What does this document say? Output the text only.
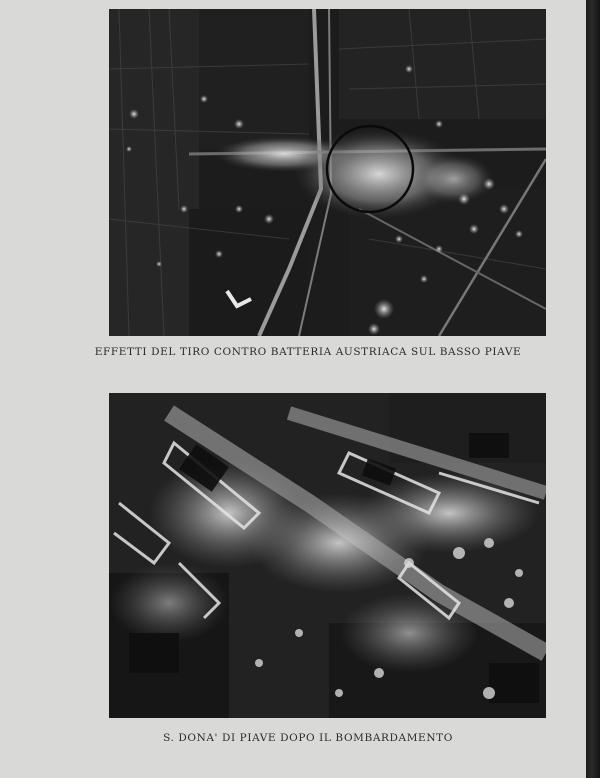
EFFETTI DEL TIRO CONTRO BATTERIA AUSTRIACA SUL BASSO PIAVE
S. DONA' DI PIAVE DOPO IL BOMBARDAMENTO
